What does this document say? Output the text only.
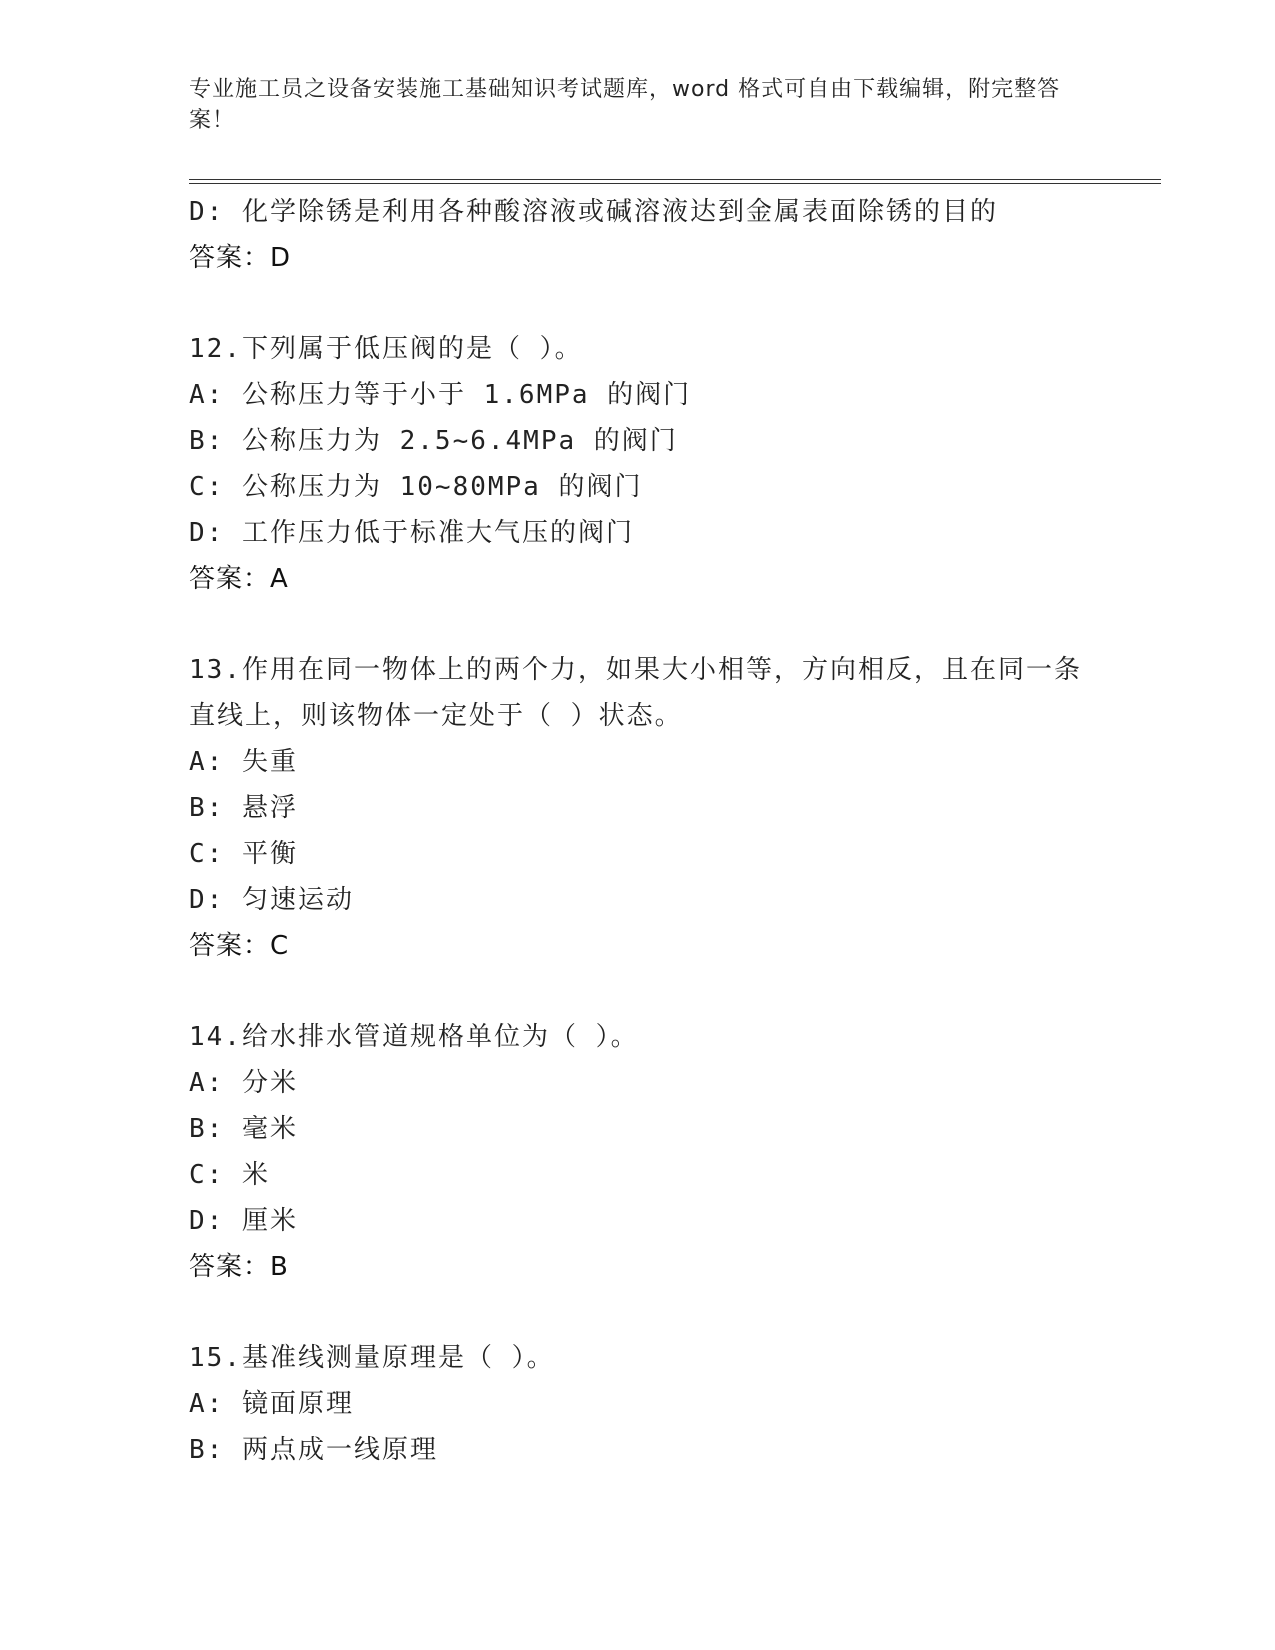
专业施工员之设备安装施工基础知识考试题库，word 格式可自由下载编辑，附完整答案！
D: 化学除锈是利用各种酸溶液或碱溶液达到金属表面除锈的目的
答案：D
12.下列属于低压阀的是（ ）。
A: 公称压力等于小于 1.6MPa 的阀门
B: 公称压力为 2.5~6.4MPa 的阀门
C: 公称压力为 10~80MPa 的阀门
D: 工作压力低于标准大气压的阀门
答案：A
13.作用在同一物体上的两个力，如果大小相等，方向相反，且在同一条直线上，则该物体一定处于（ ）状态。
A: 失重
B: 悬浮
C: 平衡
D: 匀速运动
答案：C
14.给水排水管道规格单位为（ ）。
A: 分米
B: 毫米
C: 米
D: 厘米
答案：B
15.基准线测量原理是（ ）。
A: 镜面原理
B: 两点成一线原理
